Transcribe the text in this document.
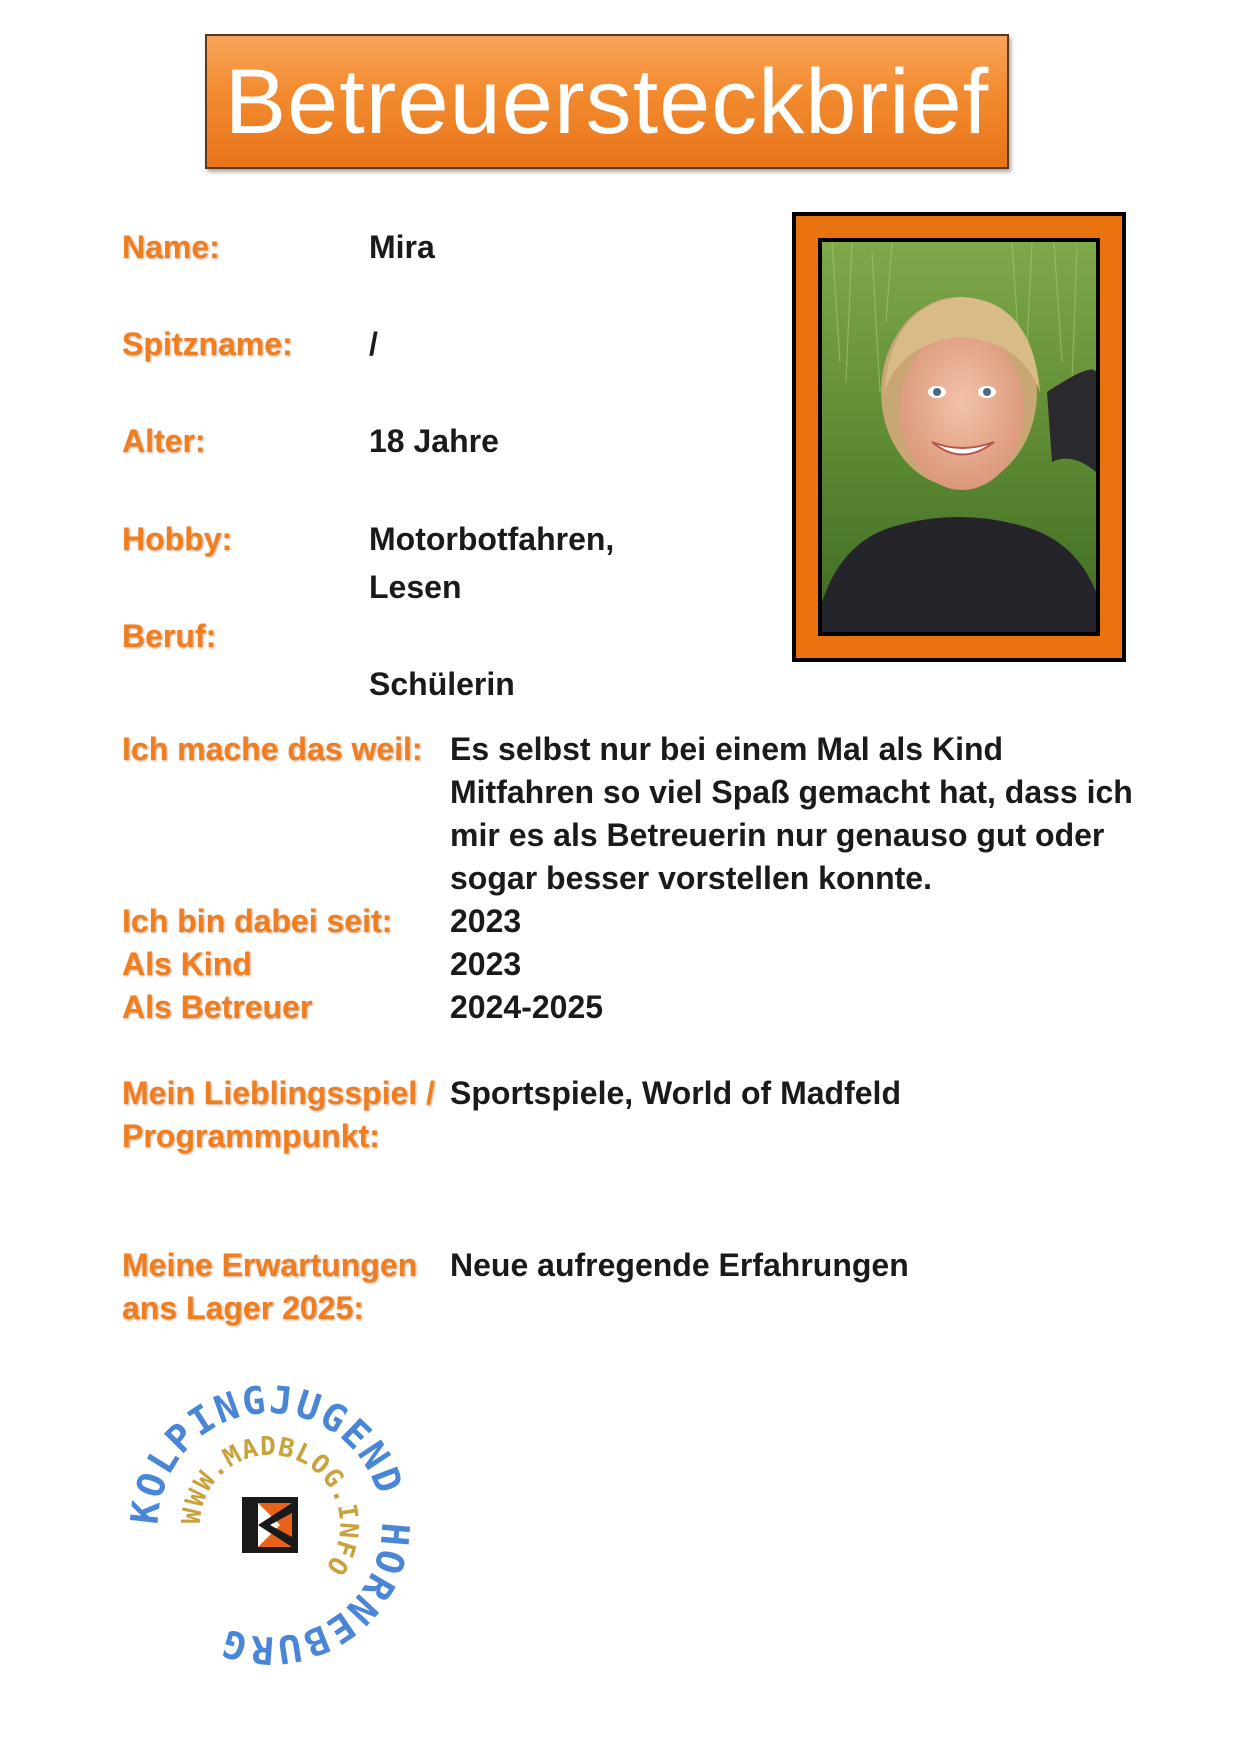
Betreuersteckbrief
Name:	Mira
Spitzname: /
Alter:	18 Jahre
Hobby:	Motorbotfahren,
Lesen
Beruf:
Schülerin
Ich mache das weil: Es selbst nur bei einem Mal als Kind Mitfahren so viel Spaß gemacht hat, dass ich mir es als Betreuerin nur genauso gut oder sogar besser vorstellen konnte.
Ich bin dabei seit: 2023
Als Kind	2023
Als Betreuer	2024-2025
Mein Lieblingsspiel /
Programmpunkt:
Sportspiele, World of Madfeld
Meine Erwartungen
ans Lager 2025:
Neue aufregende Erfahrungen
OLPINGJUGEND ORNEBURG
WWW.MADBLOG.INFO
